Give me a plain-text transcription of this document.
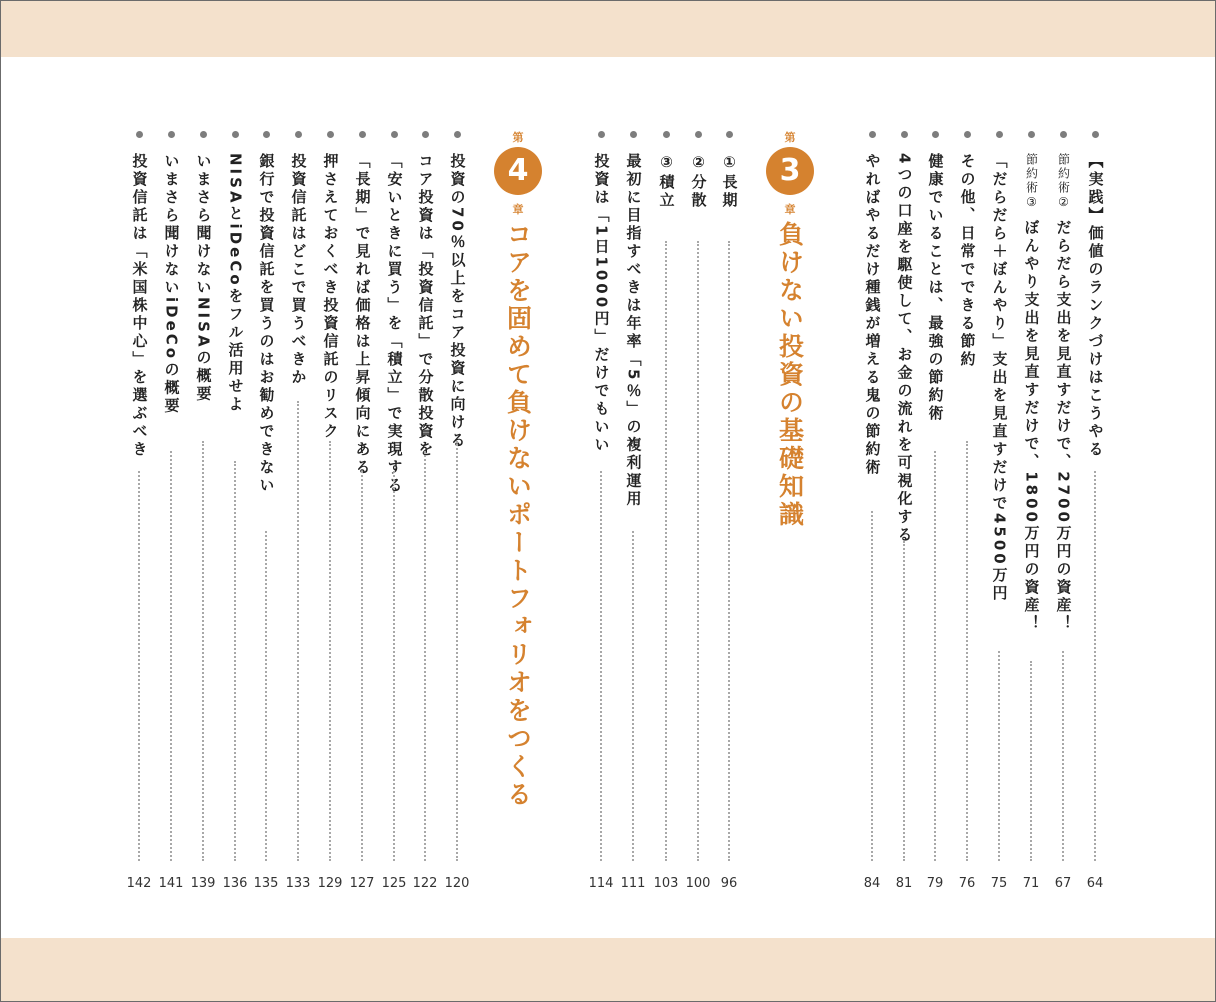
【実践】価値のランクづけはこうやる
64
節約術② だらだら支出を見直すだけで、2700万円の資産！
67
節約術③ ぼんやり支出を見直すだけで、1800万円の資産！
71
「だらだら＋ぼんやり」支出を見直すだけで4500万円
75
その他、日常でできる節約
76
健康でいることは、最強の節約術
79
4つの口座を駆使して、お金の流れを可視化する
81
やればやるだけ種銭が増える鬼の節約術
84
①長期
96
②分散
100
③積立
103
最初に目指すべきは年率「5％」の複利運用
111
投資は「1日1000円」だけでもいい
114
投資の70％以上をコア投資に向ける
120
コア投資は「投資信託」で分散投資を
122
「安いときに買う」を「積立」で実現する
125
「長期」で見れば価格は上昇傾向にある
127
押さえておくべき投資信託のリスク
129
投資信託はどこで買うべきか
133
銀行で投資信託を買うのはお勧めできない
135
NISAとiDeCoをフル活用せよ
136
いまさら聞けないNISAの概要
139
いまさら聞けないiDeCoの概要
141
投資信託は「米国株中心」を選ぶべき
142
第
3
章
負けない投資の基礎知識
第
4
章
コアを固めて負けないポートフォリオをつくる
